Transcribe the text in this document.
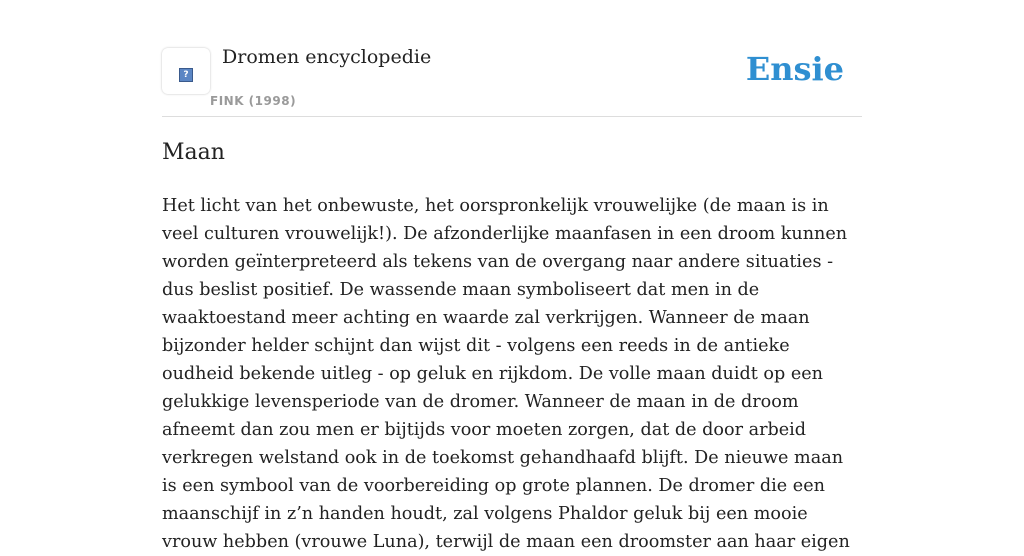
?
Dromen encyclopedie
FINK (1998)
Ensie
Maan

Het licht van het onbewuste, het oorspronkelijk vrouwelijke (de maan is in veel culturen vrouwelijk!). De afzonderlijke maanfasen in een droom kunnen worden geïnterpreteerd als tekens van de overgang naar andere situaties - dus beslist positief. De wassende maan symboliseert dat men in de waaktoestand meer achting en waarde zal verkrijgen. Wanneer de maan bijzonder helder schijnt dan wijst dit - volgens een reeds in de antieke oudheid bekende uitleg - op geluk en rijkdom. De volle maan duidt op een gelukkige levensperiode van de dromer. Wanneer de maan in de droom afneemt dan zou men er bijtijds voor moeten zorgen, dat de door arbeid verkregen welstand ook in de toekomst gehandhaafd blijft. De nieuwe maan is een symbool van de voorbereiding op grote plannen. De dromer die een maanschijf in z’n handen houdt, zal volgens Phaldor geluk bij een mooie vrouw hebben (vrouwe Luna), terwijl de maan een droomster aan haar eigen
